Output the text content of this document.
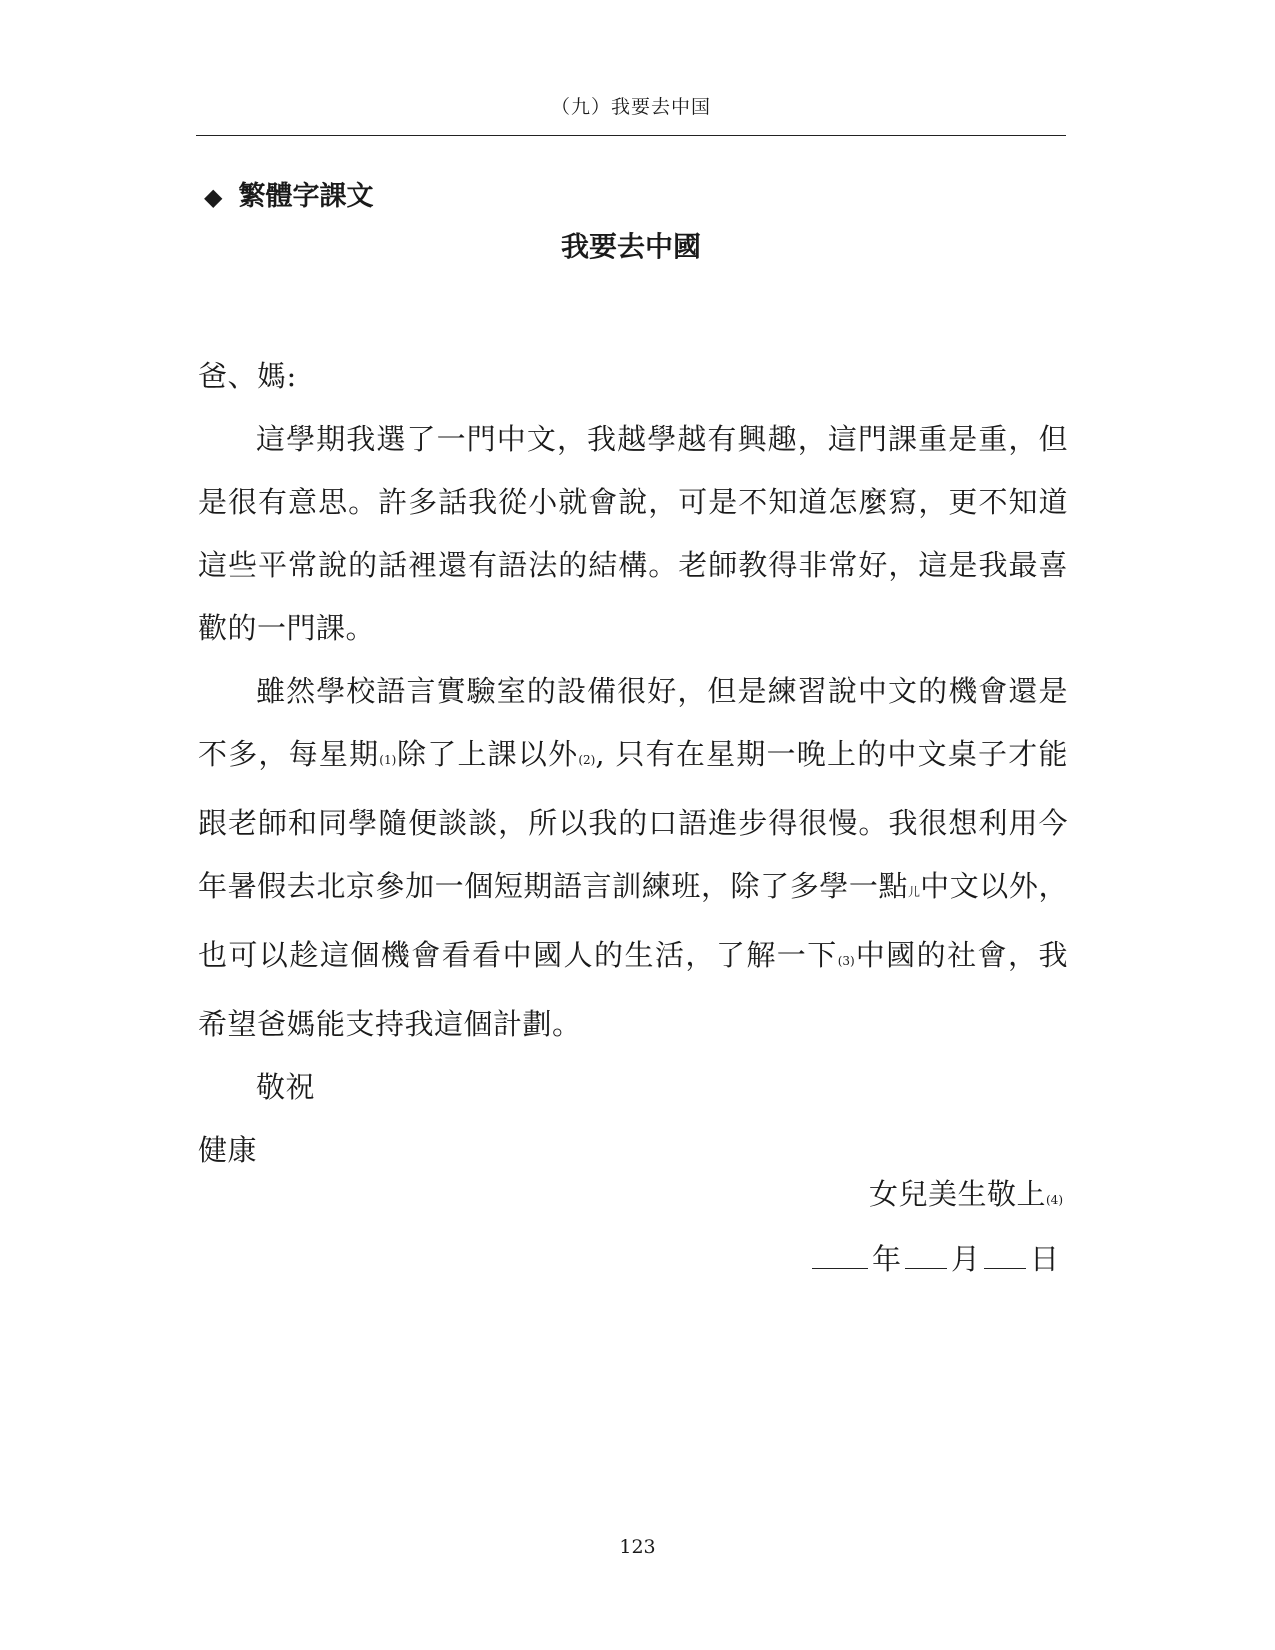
（九）我要去中国
◆ 繁體字課文
我要去中國

爸、媽:

這學期我選了一門中文，我越學越有興趣，這門課重是重，但是很有意思。許多話我從小就會說，可是不知道怎麼寫，更不知道這些平常說的話裡還有語法的結構。老師教得非常好，這是我最喜歡的一門課。

雖然學校語言實驗室的設備很好，但是練習說中文的機會還是不多，每星期(1)除了上課以外(2), 只有在星期一晚上的中文桌子才能跟老師和同學隨便談談，所以我的口語進步得很慢。我很想利用今年暑假去北京參加一個短期語言訓練班，除了多學一點儿中文以外，也可以趁這個機會看看中國人的生活，了解一下(3)中國的社會，我希望爸媽能支持我這個計劃。

敬祝

健康

女兒美生敬上(4)
年 月 日
123
